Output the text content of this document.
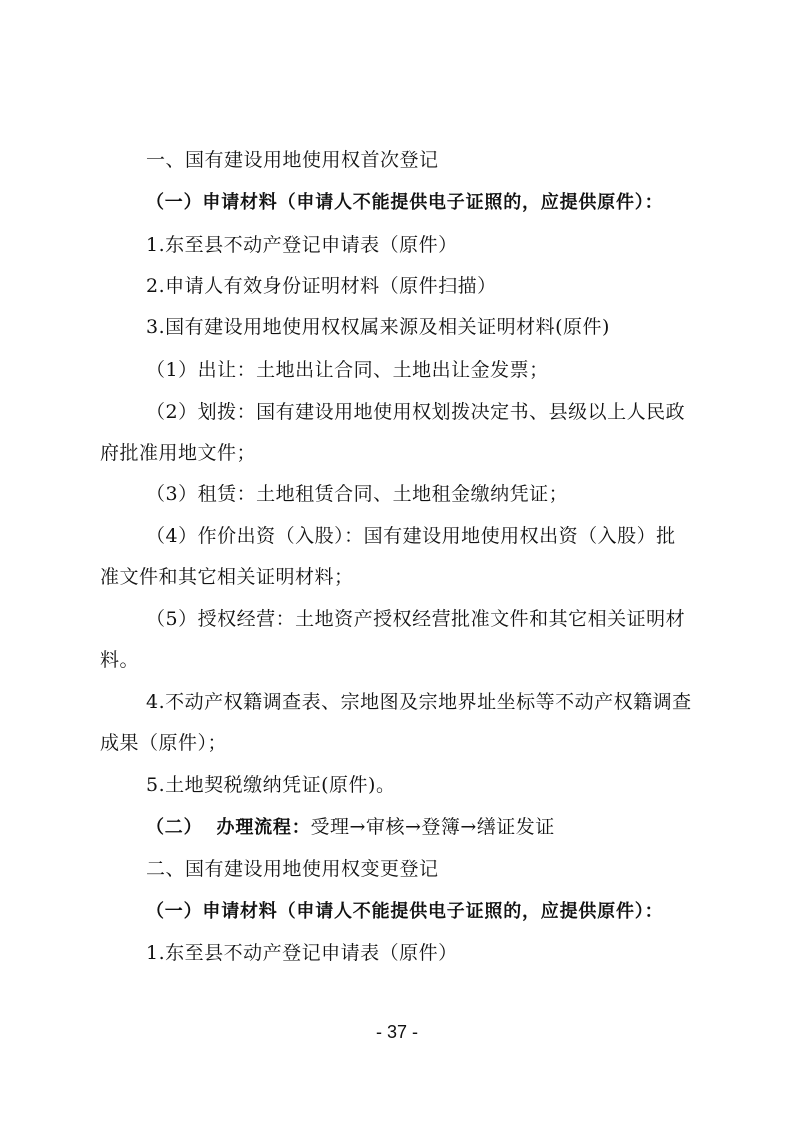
一、国有建设用地使用权首次登记
（一）申请材料（申请人不能提供电子证照的，应提供原件）：
1.东至县不动产登记申请表（原件）
2.申请人有效身份证明材料（原件扫描）
3.国有建设用地使用权权属来源及相关证明材料(原件)
（1）出让：土地出让合同、土地出让金发票；
（2）划拨：国有建设用地使用权划拨决定书、县级以上人民政
府批准用地文件；
（3）租赁：土地租赁合同、土地租金缴纳凭证；
（4）作价出资（入股）：国有建设用地使用权出资（入股）批
准文件和其它相关证明材料；
（5）授权经营：土地资产授权经营批准文件和其它相关证明材
料。
4.不动产权籍调查表、宗地图及宗地界址坐标等不动产权籍调查
成果（原件）；
5.土地契税缴纳凭证(原件)。
（二）  办理流程：受理→审核→登簿→缮证发证
二、国有建设用地使用权变更登记
（一）申请材料（申请人不能提供电子证照的，应提供原件）：
1.东至县不动产登记申请表（原件）
- 37 -
